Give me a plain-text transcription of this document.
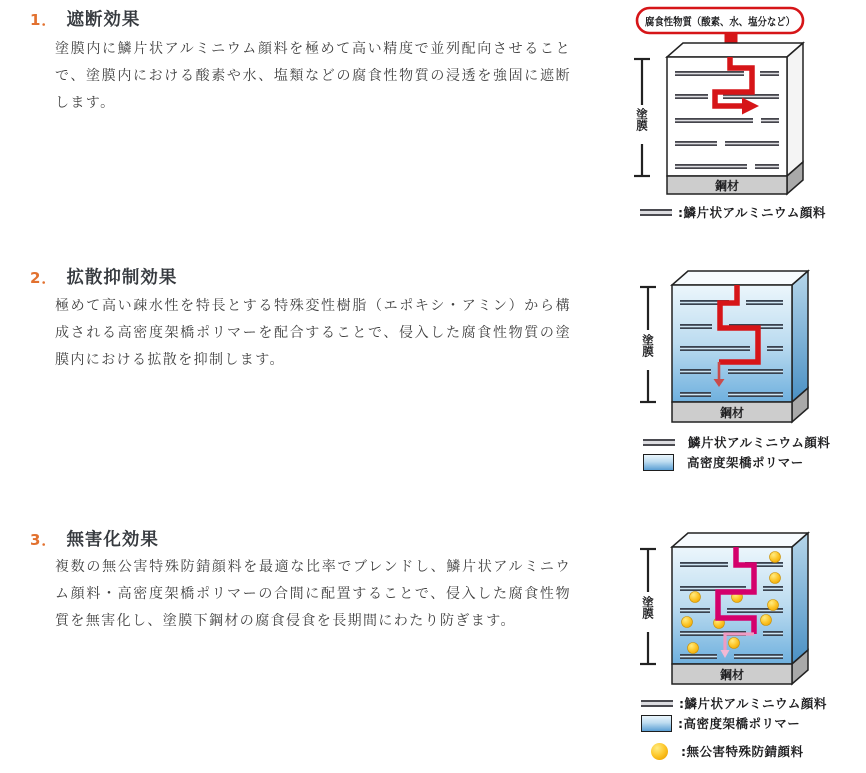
1． 遮断効果
塗膜内に鱗片状アルミニウム顔料を極めて高い精度で並列配向させることで、塗膜内における酸素や水、塩類などの腐食性物質の浸透を強固に遮断します。
腐食性物質（酸素、水、塩分など）
鋼材
塗膜
:鱗片状アルミニウム顔料
2． 拡散抑制効果
極めて高い疎水性を特長とする特殊変性樹脂（エポキシ・アミン）から構成される高密度架橋ポリマーを配合することで、侵入した腐食性物質の塗膜内における拡散を抑制します。
鋼材
塗膜
鱗片状アルミニウム顔料
高密度架橋ポリマー
3． 無害化効果
複数の無公害特殊防錆顔料を最適な比率でブレンドし、鱗片状アルミニウム顔料・高密度架橋ポリマーの合間に配置することで、侵入した腐食性物質を無害化し、塗膜下鋼材の腐食侵食を長期間にわたり防ぎます。
鋼材
塗膜
:鱗片状アルミニウム顔料
:高密度架橋ポリマー
:無公害特殊防錆顔料
